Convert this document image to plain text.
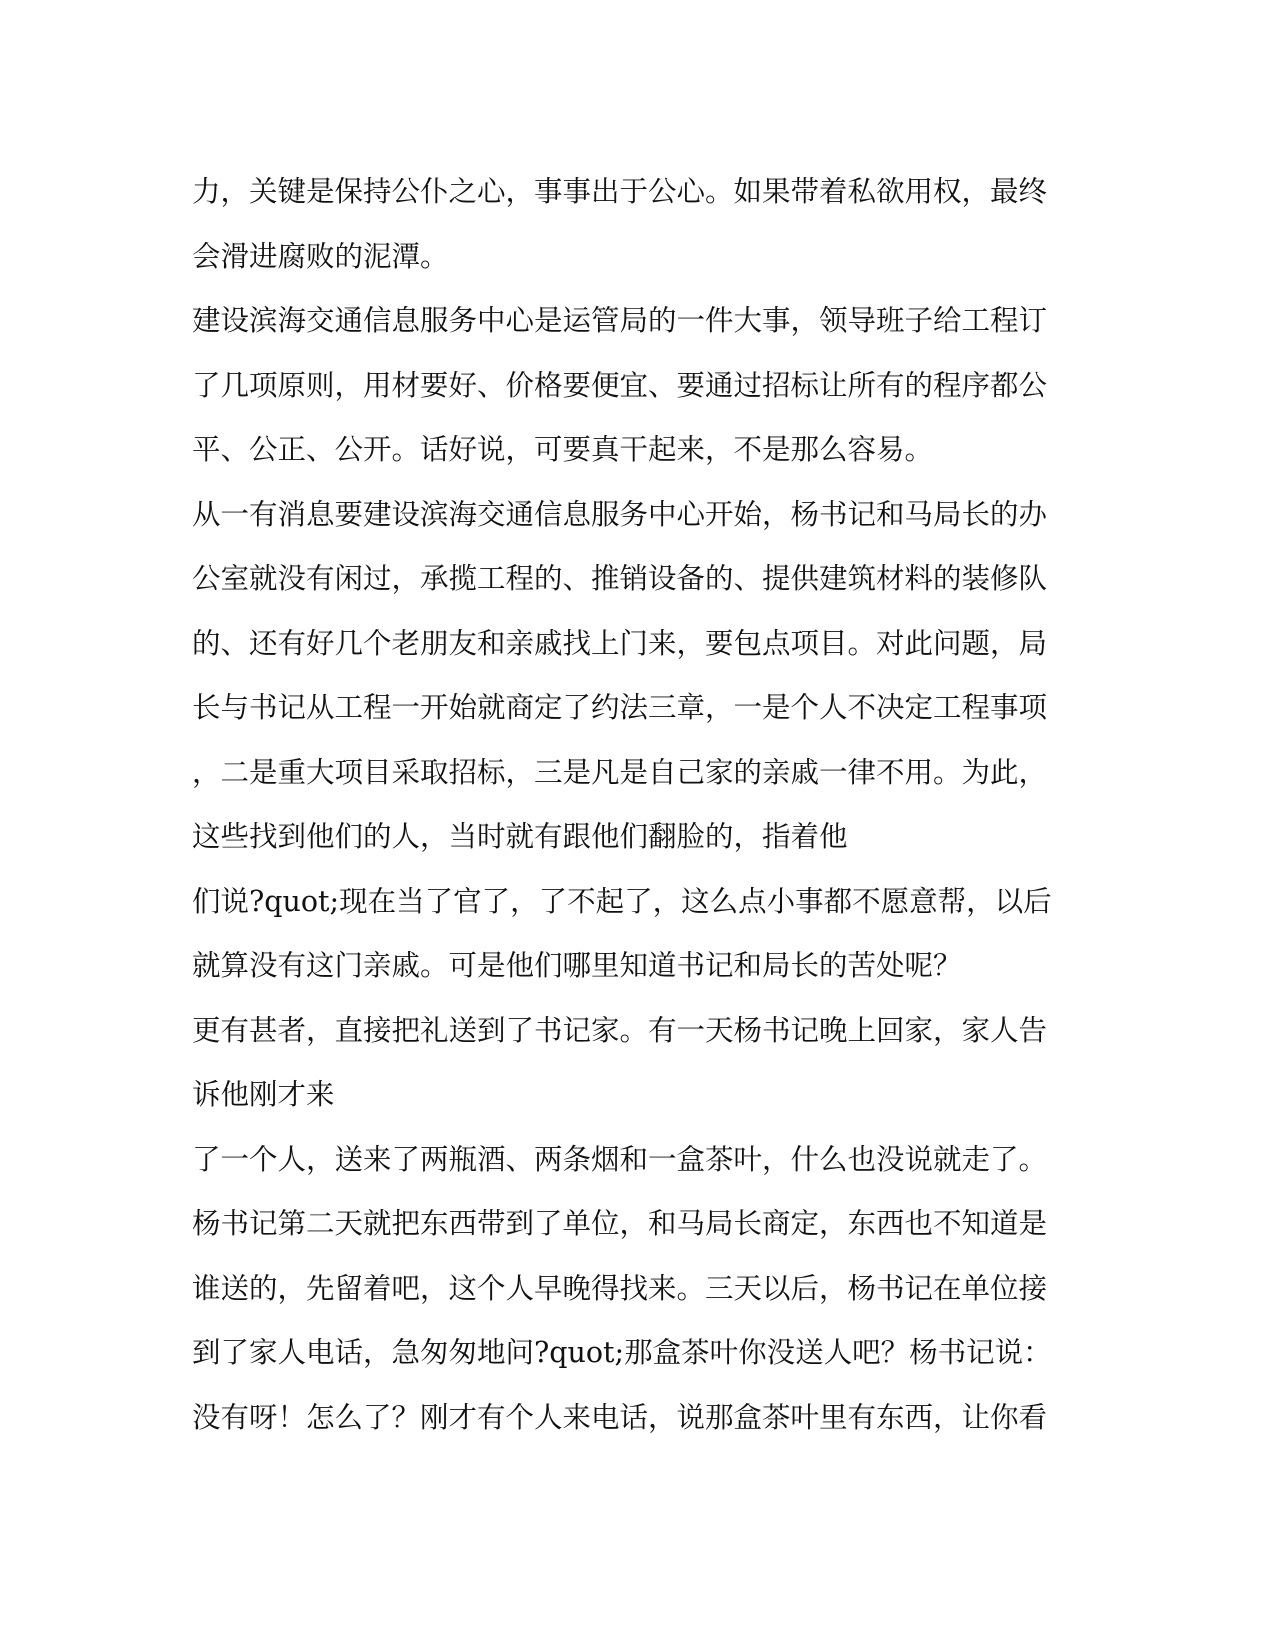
力，关键是保持公仆之心，事事出于公心。如果带着私欲用权，最终
会滑进腐败的泥潭。
建设滨海交通信息服务中心是运管局的一件大事，领导班子给工程订
了几项原则，用材要好、价格要便宜、要通过招标让所有的程序都公
平、公正、公开。话好说，可要真干起来，不是那么容易。
从一有消息要建设滨海交通信息服务中心开始，杨书记和马局长的办
公室就没有闲过，承揽工程的、推销设备的、提供建筑材料的装修队
的、还有好几个老朋友和亲戚找上门来，要包点项目。对此问题，局
长与书记从工程一开始就商定了约法三章，一是个人不决定工程事项
，二是重大项目采取招标，三是凡是自己家的亲戚一律不用。为此，
这些找到他们的人，当时就有跟他们翻脸的，指着他
们说?quot;现在当了官了，了不起了，这么点小事都不愿意帮，以后
就算没有这门亲戚。可是他们哪里知道书记和局长的苦处呢？
更有甚者，直接把礼送到了书记家。有一天杨书记晚上回家，家人告
诉他刚才来
了一个人，送来了两瓶酒、两条烟和一盒茶叶，什么也没说就走了。
杨书记第二天就把东西带到了单位，和马局长商定，东西也不知道是
谁送的，先留着吧，这个人早晚得找来。三天以后，杨书记在单位接
到了家人电话，急匆匆地问?quot;那盒茶叶你没送人吧？杨书记说：
没有呀！怎么了？刚才有个人来电话，说那盒茶叶里有东西，让你看
